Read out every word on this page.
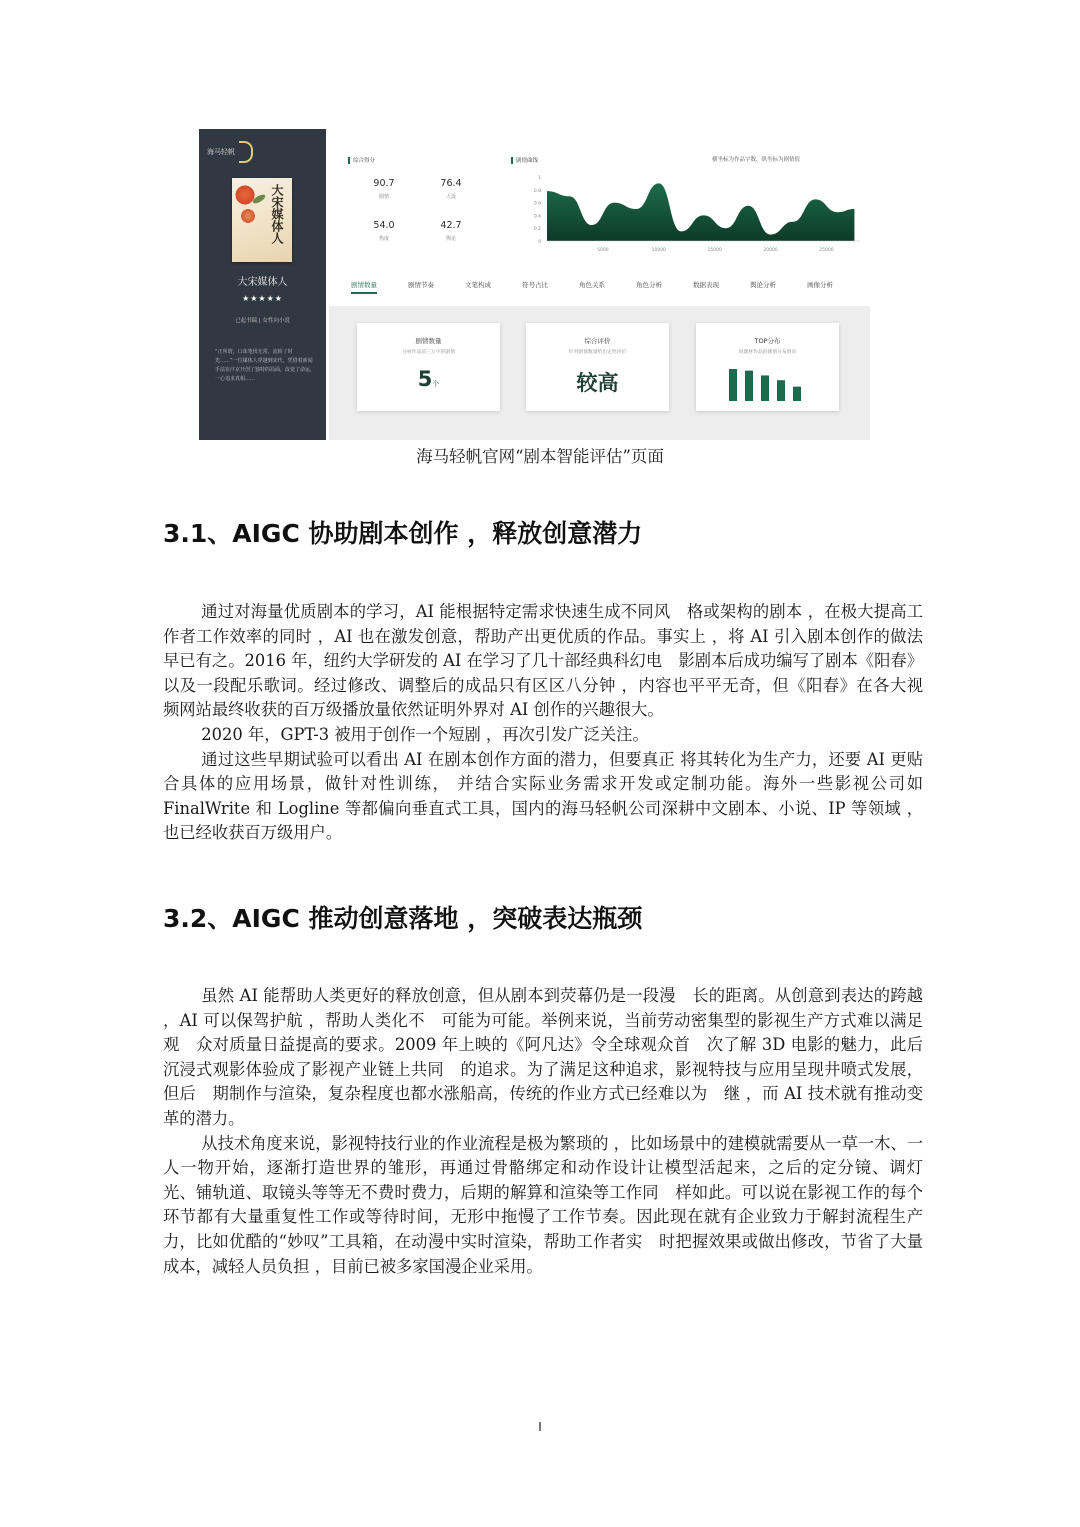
海马轻帆
大宋媒体人
大宋媒体人
★★★★★
已起书稿 | 女性向小说
“正所谓，口诛笔伐无常，流转了时光……”一位媒体人穿越到宋代，凭借着新闻手法在汴京开创了独特的局面，改变了命运，一心追求真相……
综合得分
90.7
剧情
76.4
人设
54.0
热度
42.7
舆论
剧情曲线	横坐标为作品字数，纵坐标为剧情值
1
0.8
0.6
0.4
0.2
0
5000	10000	15000	20000	25000
剧情数量	剧情节奏	文笔构成	符号占比	角色关系	角色分析	数据表现	舆论分析	画像分析
剧情数量
分析作品前三万字的剧情
5个
综合评价
针对剧情数量给出定性评价
较高
TOP分布
同题材作品的剧情分布情况
海马轻帆官网“剧本智能评估”页面
3.1、AIGC 协助剧本创作 ，释放创意潜力

通过对海量优质剧本的学习，AI 能根据特定需求快速生成不同风　格或架构的剧本 ，在极大提高工作者工作效率的同时 ，AI 也在激发创意，帮助产出更优质的作品。事实上 ，将 AI 引入剧本创作的做法早已有之。2016 年，纽约大学研发的 AI 在学习了几十部经典科幻电　影剧本后成功编写了剧本《阳春》以及一段配乐歌词。经过修改、调整后的成品只有区区八分钟 ，内容也平平无奇，但《阳春》在各大视　频网站最终收获的百万级播放量依然证明外界对 AI 创作的兴趣很大。

2020 年，GPT-3 被用于创作一个短剧 ，再次引发广泛关注。

通过这些早期试验可以看出 AI 在剧本创作方面的潜力，但要真正 将其转化为生产力，还要 AI 更贴合具体的应用场景，做针对性训练， 并结合实际业务需求开发或定制功能。海外一些影视公司如 FinalWrite 和 Logline 等都偏向垂直式工具，国内的海马轻帆公司深耕中文剧本、小说、IP 等领域 ，也已经收获百万级用户。

3.2、AIGC 推动创意落地 ，突破表达瓶颈

虽然 AI 能帮助人类更好的释放创意，但从剧本到荧幕仍是一段漫　长的距离。从创意到表达的跨越 ，AI 可以保驾护航 ，帮助人类化不　可能为可能。举例来说，当前劳动密集型的影视生产方式难以满足观　众对质量日益提高的要求。2009 年上映的《阿凡达》令全球观众首　次了解 3D 电影的魅力，此后沉浸式观影体验成了影视产业链上共同　的追求。为了满足这种追求，影视特技与应用呈现井喷式发展，但后　期制作与渲染，复杂程度也都水涨船高，传统的作业方式已经难以为　继 ，而 AI 技术就有推动变革的潜力。

从技术角度来说，影视特技行业的作业流程是极为繁琐的 ，比如场景中的建模就需要从一草一木、一人一物开始，逐渐打造世界的雏形，再通过骨骼绑定和动作设计让模型活起来，之后的定分镜、调灯　光、铺轨道、取镜头等等无不费时费力，后期的解算和渲染等工作同　样如此。可以说在影视工作的每个环节都有大量重复性工作或等待时间，无形中拖慢了工作节奏。因此现在就有企业致力于解封流程生产　力，比如优酷的“妙叹”工具箱，在动漫中实时渲染，帮助工作者实　时把握效果或做出修改，节省了大量成本，减轻人员负担 ，目前已被多家国漫企业采用。

I
